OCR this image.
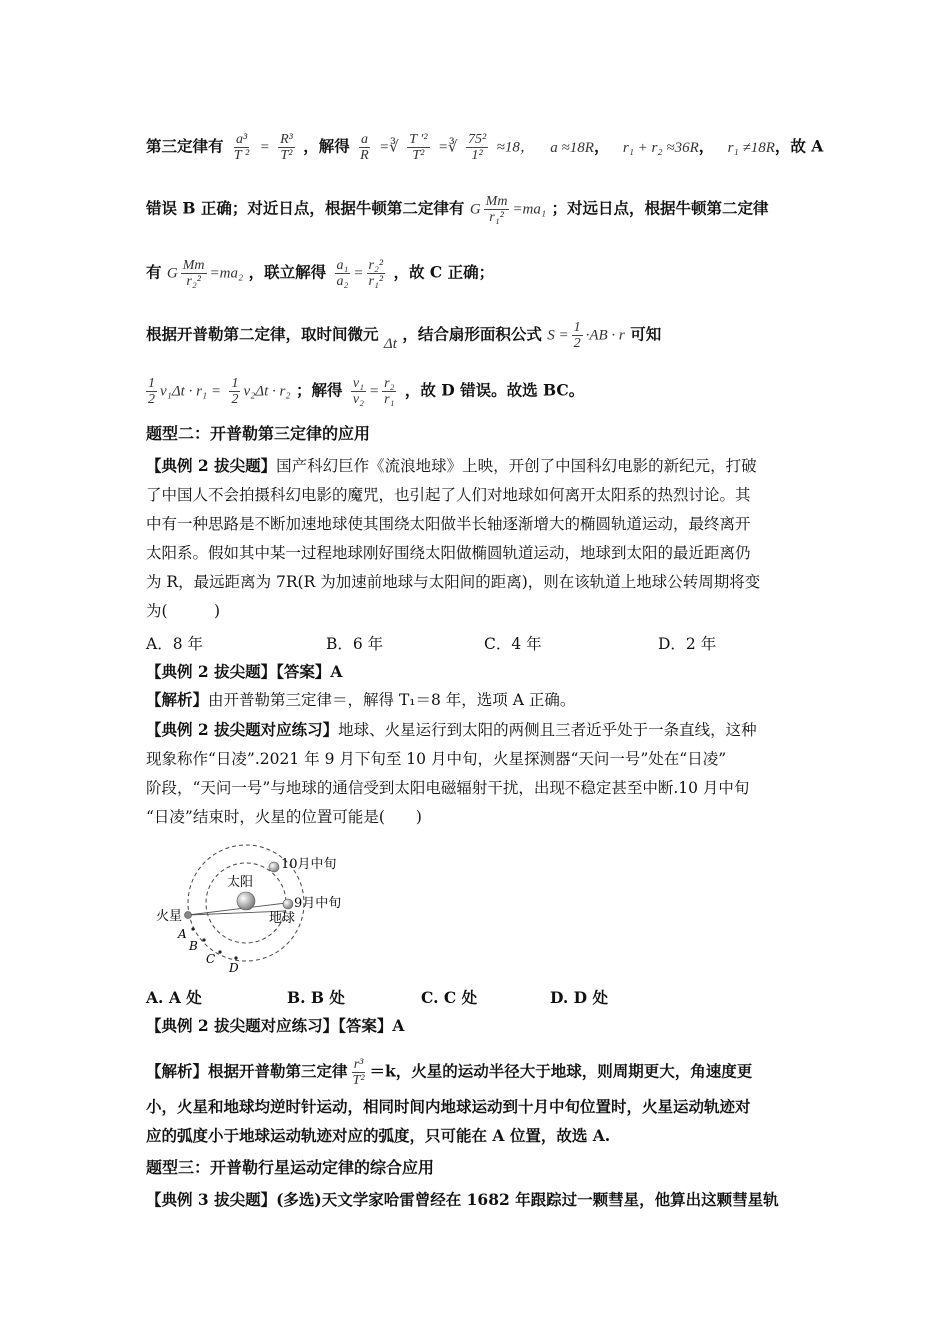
第三定律有 $\frac{\text{a³}}{\text{T ²}} = \frac{\text{R³}}{\text{T²}}$ ，解得 $\frac{a}{R}$ =∛ $\frac{\text{T ′²}}{\text{T²}}$ =∛ $\frac{\text{75²}}{\text{1²}} \approx 18$， a ≈18R， r₁ + r₂ ≈36R， r₁ ≠18R，故 A
错误 B 正确；对近日点，根据牛顿第二定律有 G $\frac{Mm}{\text{r₁²}} =ma_1$ ；对远日点，根据牛顿第二定律
有 G $\frac{Mm}{\text{r₂²}} =ma_2$ ，联立解得 $\frac{\text{a₁}}{\text{a₂}} = \frac{\text{r₂²}}{\text{r₁²}}$ ，故 C 正确；
根据开普勒第二定律，取时间微元 Δt ，结合扇形面积公式 $S = \frac{1}{2} \cdot AB \cdot r$ 可知
$\frac{1}{2} v_1\Delta t \cdot r_1 = \frac{1}{2} v_2\Delta t \cdot r_2$ ；解得 $\frac{\text{v₁}}{\text{v₂}} = \frac{\text{r₂}}{\text{r₁}}$ ，故 D 错误。故选 BC。
题型二：开普勒第三定律的应用
【典例 2 拔尖题】国产科幻巨作《流浪地球》上映，开创了中国科幻电影的新纪元，打破
了中国人不会拍摄科幻电影的魔咒，也引起了人们对地球如何离开太阳系的热烈讨论。其
中有一种思路是不断加速地球使其围绕太阳做半长轴逐渐增大的椭圆轨道运动，最终离开
太阳系。假如其中某一过程地球刚好围绕太阳做椭圆轨道运动，地球到太阳的最近距离仍
为 R，最远距离为 7R(R 为加速前地球与太阳间的距离)，则在该轨道上地球公转周期将变
为(　　　)
A．8 年	B．6 年	C．4 年	D．2 年
【典例 2 拔尖题】【答案】A
【解析】由开普勒第三定律＝，解得 T₁＝8 年，选项 A 正确。
【典例 2 拔尖题对应练习】地球、火星运行到太阳的两侧且三者近乎处于一条直线，这种
现象称作“日凌”.2021 年 9 月下旬至 10 月中旬，火星探测器“天问一号”处在“日凌”
阶段，“天问一号”与地球的通信受到太阳电磁辐射干扰，出现不稳定甚至中断.10 月中旬
“日凌”结束时，火星的位置可能是(　　)
太阳
10月中旬
9月中旬
地球
火星
A
B
C
D
A. A 处	B. B 处	C. C 处	D. D 处
【典例 2 拔尖题对应练习】【答案】A
【解析】根据开普勒第三定律 $\frac{\text{r³}}{\text{T²}} =k$，火星的运动半径大于地球，则周期更大，角速度更
小，火星和地球均逆时针运动，相同时间内地球运动到十月中旬位置时，火星运动轨迹对
应的弧度小于地球运动轨迹对应的弧度，只可能在 A 位置，故选 A.
题型三：开普勒行星运动定律的综合应用
【典例 3 拔尖题】(多选)天文学家哈雷曾经在 1682 年跟踪过一颗彗星，他算出这颗彗星轨
